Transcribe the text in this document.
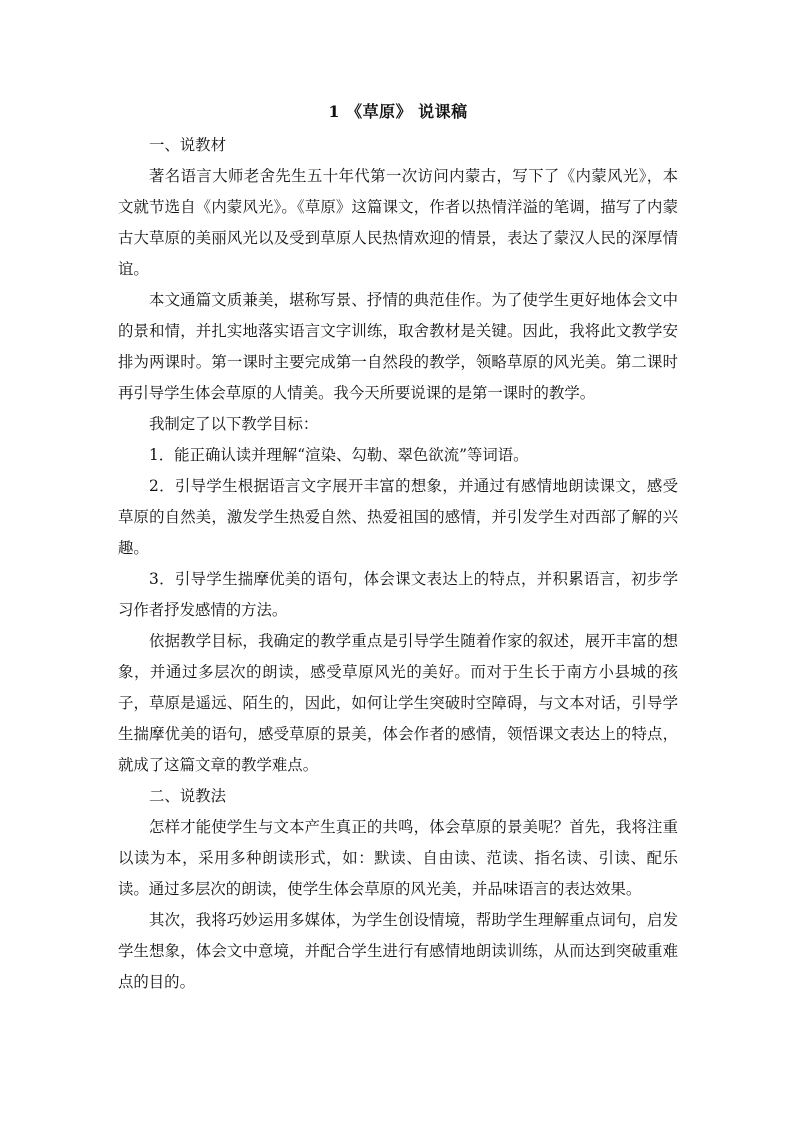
1 《草原》 说课稿

一、说教材

著名语言大师老舍先生五十年代第一次访问内蒙古，写下了《内蒙风光》，本文就节选自《内蒙风光》。《草原》这篇课文，作者以热情洋溢的笔调，描写了内蒙古大草原的美丽风光以及受到草原人民热情欢迎的情景，表达了蒙汉人民的深厚情谊。

本文通篇文质兼美，堪称写景、抒情的典范佳作。为了使学生更好地体会文中的景和情，并扎实地落实语言文字训练，取舍教材是关键。因此，我将此文教学安排为两课时。第一课时主要完成第一自然段的教学，领略草原的风光美。第二课时再引导学生体会草原的人情美。我今天所要说课的是第一课时的教学。

我制定了以下教学目标：

1．能正确认读并理解“渲染、勾勒、翠色欲流”等词语。

2．引导学生根据语言文字展开丰富的想象，并通过有感情地朗读课文，感受草原的自然美，激发学生热爱自然、热爱祖国的感情，并引发学生对西部了解的兴趣。

3．引导学生揣摩优美的语句，体会课文表达上的特点，并积累语言，初步学习作者抒发感情的方法。

依据教学目标，我确定的教学重点是引导学生随着作家的叙述，展开丰富的想象，并通过多层次的朗读，感受草原风光的美好。而对于生长于南方小县城的孩子，草原是遥远、陌生的，因此，如何让学生突破时空障碍，与文本对话，引导学生揣摩优美的语句，感受草原的景美，体会作者的感情，领悟课文表达上的特点，就成了这篇文章的教学难点。

二、说教法

怎样才能使学生与文本产生真正的共鸣，体会草原的景美呢？首先，我将注重以读为本，采用多种朗读形式，如：默读、自由读、范读、指名读、引读、配乐读。通过多层次的朗读，使学生体会草原的风光美，并品味语言的表达效果。

其次，我将巧妙运用多媒体，为学生创设情境，帮助学生理解重点词句，启发学生想象，体会文中意境，并配合学生进行有感情地朗读训练，从而达到突破重难点的目的。
